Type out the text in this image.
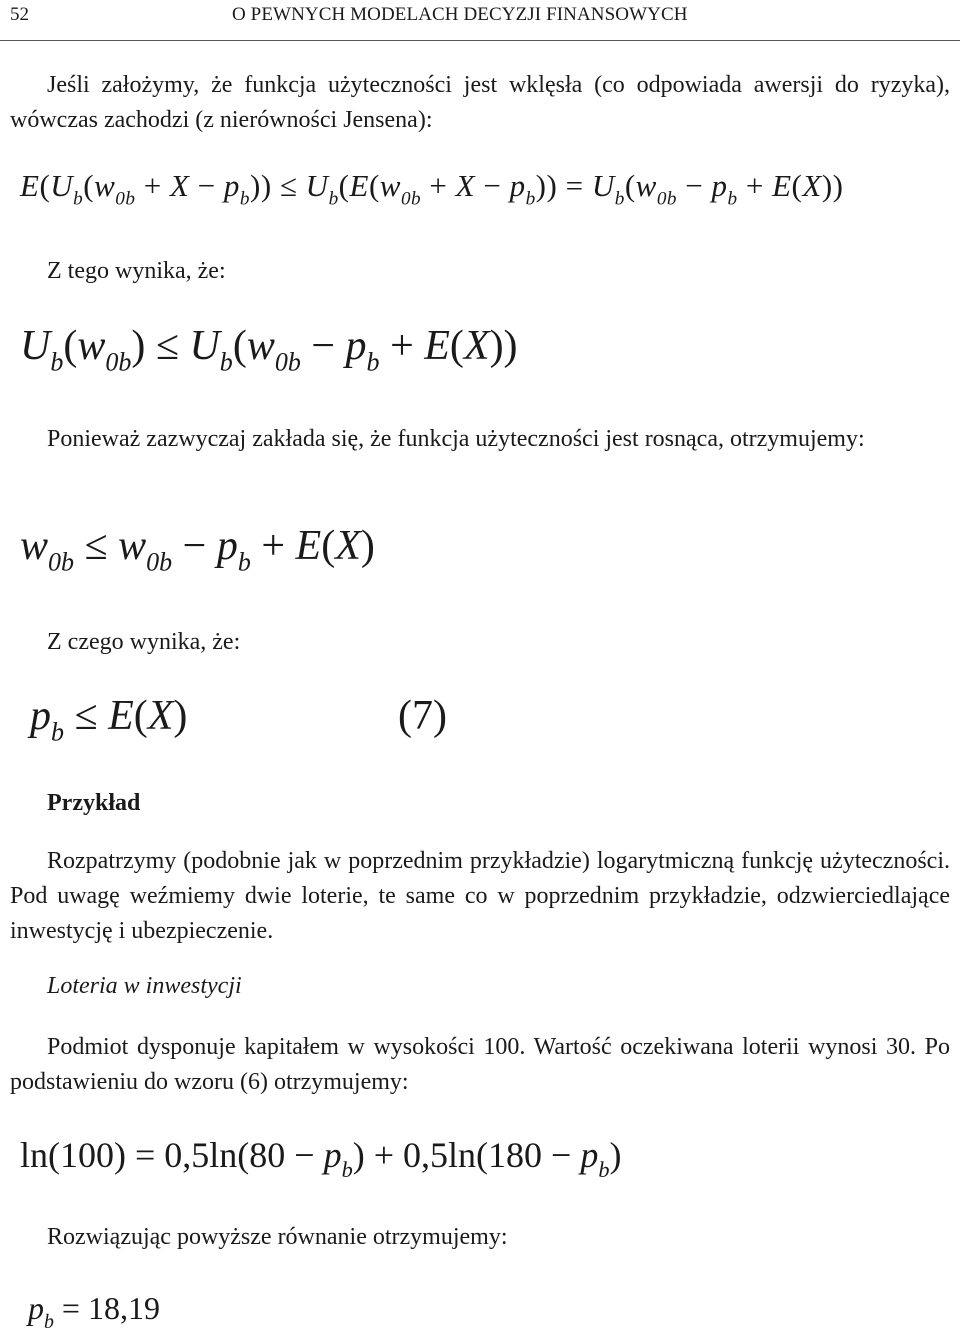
52	O PEWNYCH MODELACH DECYZJI FINANSOWYCH

Jeśli założymy, że funkcja użyteczności jest wklęsła (co odpowiada awersji do ryzyka), wówczas zachodzi (z nierówności Jensena):

$E(U_b(w_{0b} + X - p_b)) \le U_b(E(w_{0b} + X - p_b)) = U_b(w_{0b} - p_b + E(X))$
Z tego wynika, że:
$U_b(w_{0b}) \le U_b(w_{0b} - p_b + E(X))$

Ponieważ zazwyczaj zakłada się, że funkcja użyteczności jest rosnąca, otrzymujemy:

$w_{0b} \le w_{0b} - p_b + E(X)$
Z czego wynika, że:
$p_b \le E(X)$	(7)
Przykład

Rozpatrzymy (podobnie jak w poprzednim przykładzie) logarytmiczną funkcję użyteczności. Pod uwagę weźmiemy dwie loterie, te same co w poprzednim przykładzie, odzwierciedlające inwestycję i ubezpieczenie.

Loteria w inwestycji

Podmiot dysponuje kapitałem w wysokości 100. Wartość oczekiwana loterii wynosi 30. Po podstawieniu do wzoru (6) otrzymujemy:

$\ln(100) = 0,5\ln(80 - p_b) + 0,5\ln(180 - p_b)$
Rozwiązując powyższe równanie otrzymujemy:
$p_b = 18,19$
